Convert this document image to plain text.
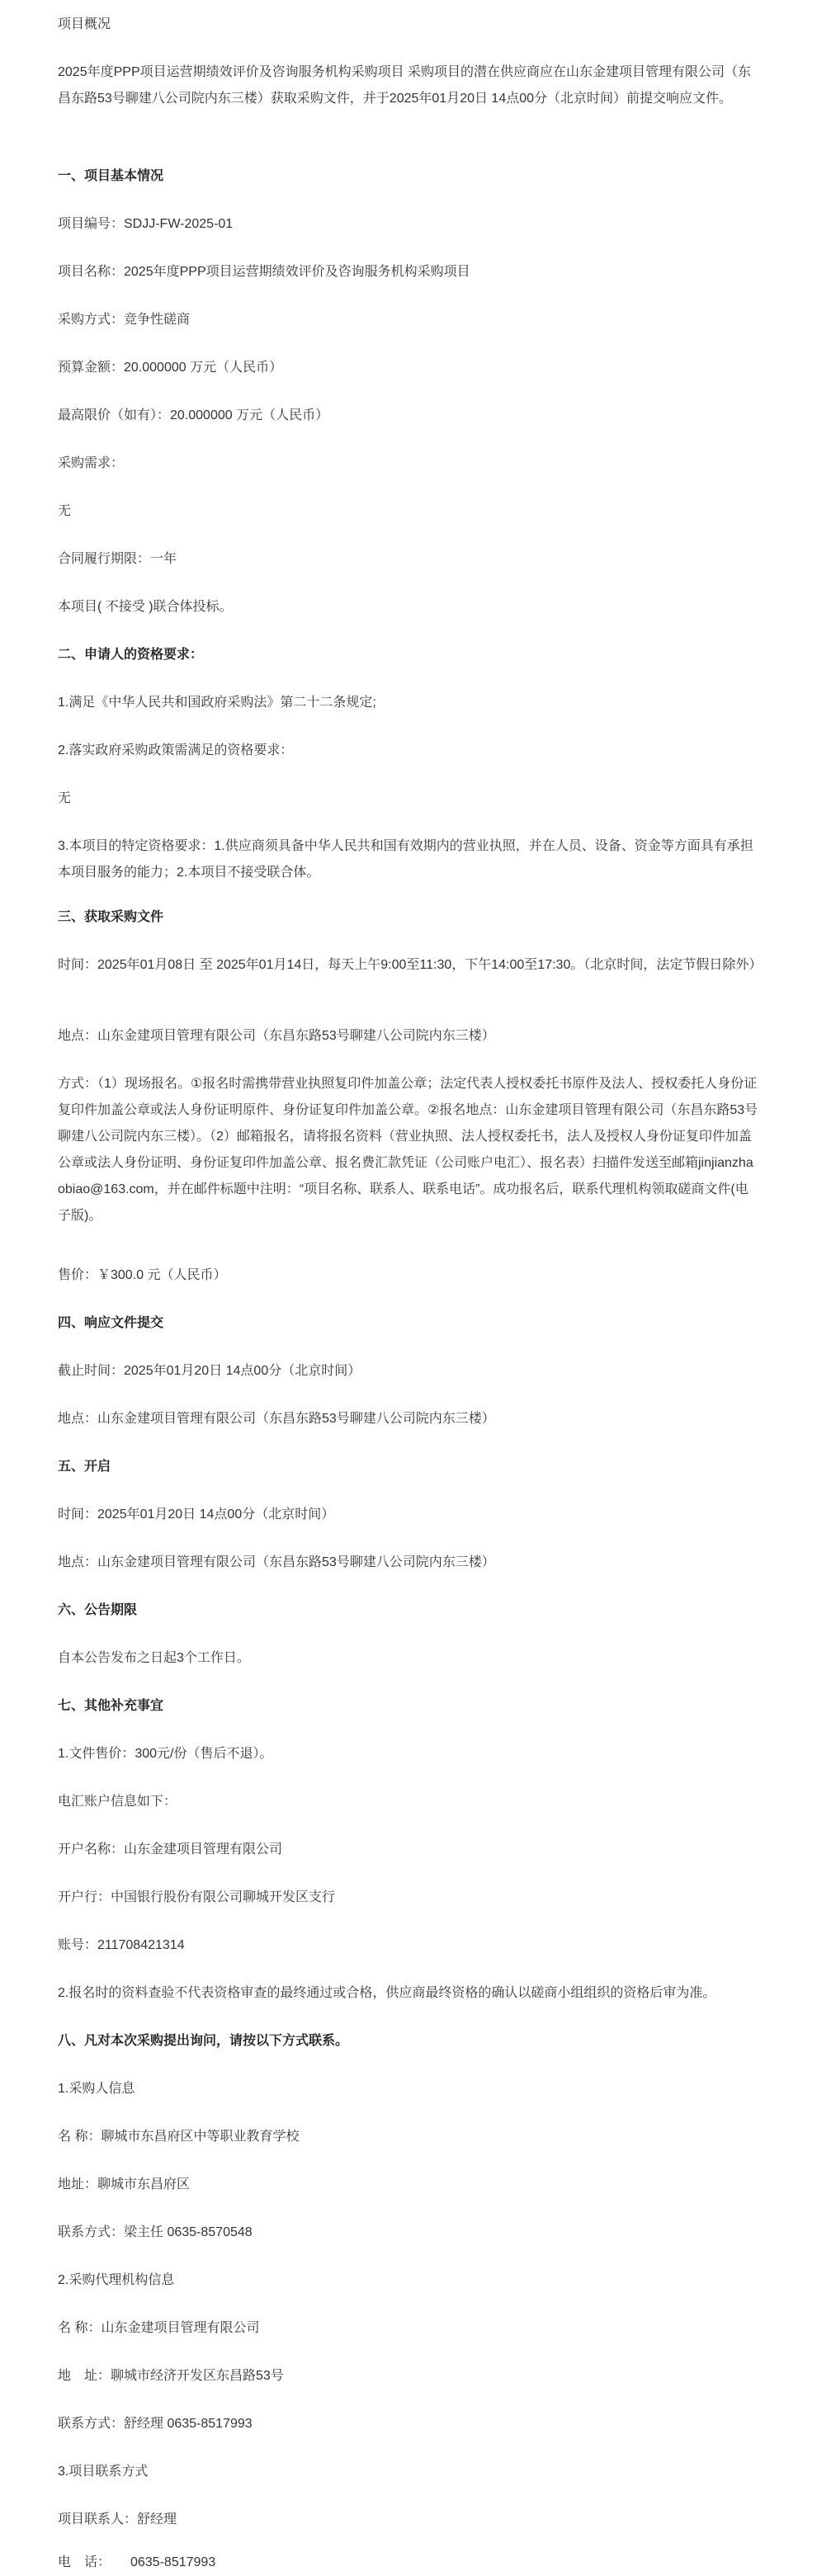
项目概况

2025年度PPP项目运营期绩效评价及咨询服务机构采购项目 采购项目的潜在供应商应在山东金建项目管理有限公司（东昌东路53号聊建八公司院内东三楼）获取采购文件，并于2025年01月20日 14点00分（北京时间）前提交响应文件。

一、项目基本情况

项目编号：SDJJ-FW-2025-01

项目名称：2025年度PPP项目运营期绩效评价及咨询服务机构采购项目

采购方式：竞争性磋商

预算金额：20.000000 万元（人民币）

最高限价（如有）：20.000000 万元（人民币）

采购需求：

无

合同履行期限：一年

本项目( 不接受 )联合体投标。

二、申请人的资格要求：

1.满足《中华人民共和国政府采购法》第二十二条规定;

2.落实政府采购政策需满足的资格要求：

无

3.本项目的特定资格要求：1.供应商须具备中华人民共和国有效期内的营业执照，并在人员、设备、资金等方面具有承担本项目服务的能力；2.本项目不接受联合体。

三、获取采购文件

时间：2025年01月08日 至 2025年01月14日，每天上午9:00至11:30，下午14:00至17:30。（北京时间，法定节假日除外）

地点：山东金建项目管理有限公司（东昌东路53号聊建八公司院内东三楼）

方式：（1）现场报名。①报名时需携带营业执照复印件加盖公章；法定代表人授权委托书原件及法人、授权委托人身份证复印件加盖公章或法人身份证明原件、身份证复印件加盖公章。②报名地点：山东金建项目管理有限公司（东昌东路53号聊建八公司院内东三楼）。（2）邮箱报名，请将报名资料（营业执照、法人授权委托书，法人及授权人身份证复印件加盖公章或法人身份证明、身份证复印件加盖公章、报名费汇款凭证（公司账户电汇）、报名表）扫描件发送至邮箱jinjianzhaobiao@163.com，并在邮件标题中注明：“项目名称、联系人、联系电话”。成功报名后，联系代理机构领取磋商文件(电子版)。

售价：￥300.0 元（人民币）

四、响应文件提交

截止时间：2025年01月20日 14点00分（北京时间）

地点：山东金建项目管理有限公司（东昌东路53号聊建八公司院内东三楼）

五、开启

时间：2025年01月20日 14点00分（北京时间）

地点：山东金建项目管理有限公司（东昌东路53号聊建八公司院内东三楼）

六、公告期限

自本公告发布之日起3个工作日。

七、其他补充事宜

1.文件售价：300元/份（售后不退）。

电汇账户信息如下：

开户名称：山东金建项目管理有限公司

开户行：中国银行股份有限公司聊城开发区支行

账号：211708421314

2.报名时的资料查验不代表资格审查的最终通过或合格，供应商最终资格的确认以磋商小组组织的资格后审为准。

八、凡对本次采购提出询问，请按以下方式联系。

1.采购人信息

名 称：聊城市东昌府区中等职业教育学校

地址：聊城市东昌府区

联系方式：梁主任 0635-8570548

2.采购代理机构信息

名 称：山东金建项目管理有限公司

地　址：聊城市经济开发区东昌路53号

联系方式：舒经理 0635-8517993

3.项目联系方式

项目联系人：舒经理

电　话：　　0635-8517993
